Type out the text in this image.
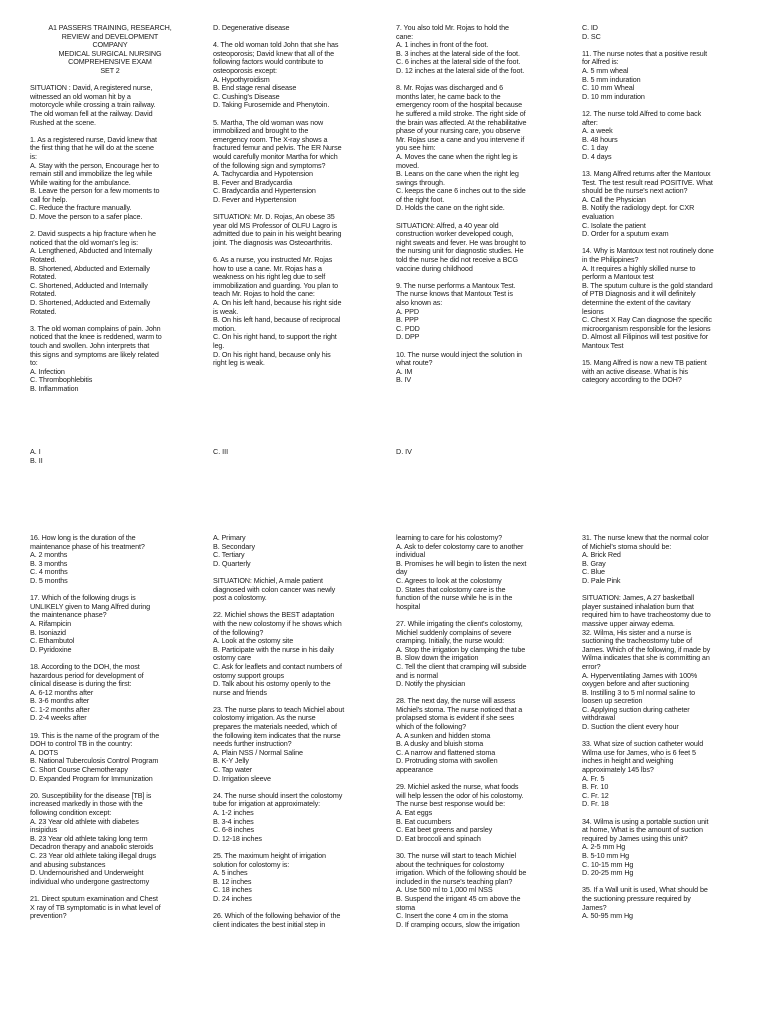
A1 PASSERS TRAINING, RESEARCH,
REVIEW and DEVELOPMENT
COMPANY
MEDICAL SURGICAL NURSING
COMPREHENSIVE EXAM
SET 2
SITUATION : David, A registered nurse,
witnessed an old woman hit by a
motorcycle while crossing a train railway.
The old woman fell at the railway. David
Rushed at the scene.
1. As a registered nurse, David knew that
the first thing that he will do at the scene
is:
A. Stay with the person, Encourage her to
remain still and immobilize the leg while
While waiting for the ambulance.
B. Leave the person for a few moments to
call for help.
C. Reduce the fracture manually.
D. Move the person to a safer place.
2. David suspects a hip fracture when he
noticed that the old woman's leg is:
A. Lengthened, Abducted and Internally
Rotated.
B. Shortened, Abducted and Externally
Rotated.
C. Shortened, Adducted and Internally
Rotated.
D. Shortened, Adducted and Externally
Rotated.
3. The old woman complains of pain. John
noticed that the knee is reddened, warm to
touch and swollen. John interprets that
this signs and symptoms are likely related
to:
A. Infection
C. Thrombophlebitis
B. Inflammation
D. Degenerative disease
4. The old woman told John that she has
osteoporosis; David knew that all of the
following factors would contribute to
osteoporosis except:
A. Hypothyroidism
B. End stage renal disease
C. Cushing's Disease
D. Taking Furosemide and Phenytoin.
5. Martha, The old woman was now
immobilized and brought to the
emergency room. The X-ray shows a
fractured femur and pelvis. The ER Nurse
would carefully monitor Martha for which
of the following sign and symptoms?
A. Tachycardia and Hypotension
B. Fever and Bradycardia
C. Bradycardia and Hypertension
D. Fever and Hypertension
SITUATION: Mr. D. Rojas, An obese 35
year old MS Professor of OLFU Lagro is
admitted due to pain in his weight bearing
joint. The diagnosis was Osteoarthritis.
6. As a nurse, you instructed Mr. Rojas
how to use a cane. Mr. Rojas has a
weakness on his right leg due to self
immobilization and guarding. You plan to
teach Mr. Rojas to hold the cane:
A. On his left hand, because his right side
is weak.
B. On his left hand, because of reciprocal
motion.
C. On his right hand, to support the right
leg.
D. On his right hand, because only his
right leg is weak.
7. You also told Mr. Rojas to hold the
cane:
A. 1 inches in front of the foot.
B. 3 inches at the lateral side of the foot.
C. 6 inches at the lateral side of the foot.
D. 12 inches at the lateral side of the foot.
8. Mr. Rojas was discharged and 6
months later, he came back to the
emergency room of the hospital because
he suffered a mild stroke. The right side of
the brain was affected. At the rehabilitative
phase of your nursing care, you observe
Mr. Rojas use a cane and you intervene if
you see him:
A. Moves the cane when the right leg is
moved.
B. Leans on the cane when the right leg
swings through.
C. keeps the cane 6 inches out to the side
of the right foot.
D. Holds the cane on the right side.
SITUATION: Alfred, a 40 year old
construction worker developed cough,
night sweats and fever. He was brought to
the nursing unit for diagnostic studies. He
told the nurse he did not receive a BCG
vaccine during childhood
9. The nurse performs a Mantoux Test.
The nurse knows that Mantoux Test is
also known as:
A. PPD
B. PPP
C. PDD
D. DPP
10. The nurse would inject the solution in
what route?
A. IM
B. IV
C. ID
D. SC
11. The nurse notes that a positive result
for Alfred is:
A. 5 mm wheal
B. 5 mm induration
C. 10 mm Wheal
D. 10 mm induration
12. The nurse told Alfred to come back
after:
A. a week
B. 48 hours
C. 1 day
D. 4 days
13. Mang Alfred returns after the Mantoux
Test. The test result read POSITIVE. What
should be the nurse's next action?
A. Call the Physician
B. Notify the radiology dept. for CXR
evaluation
C. Isolate the patient
D. Order for a sputum exam
14. Why is Mantoux test not routinely done
in the Philippines?
A. It requires a highly skilled nurse to
perform a Mantoux test
B. The sputum culture is the gold standard
of PTB Diagnosis and it will definitely
determine the extent of the cavitary
lesions
C. Chest X Ray Can diagnose the specific
microorganism responsible for the lesions
D. Almost all Filipinos will test positive for
Mantoux Test
15. Mang Alfred is now a new TB patient
with an active disease. What is his
category according to the DOH?
A. I
B. II
C. III	D. IV
16. How long is the duration of the
maintenance phase of his treatment?
A. 2 months
B. 3 months
C. 4 months
D. 5 months
17. Which of the following drugs is
UNLIKELY given to Mang Alfred during
the maintenance phase?
A. Rifampicin
B. Isoniazid
C. Ethambutol
D. Pyridoxine
18. According to the DOH, the most
hazardous period for development of
clinical disease is during the first:
A. 6-12 months after
B. 3-6 months after
C. 1-2 months after
D. 2-4 weeks after
19. This is the name of the program of the
DOH to control TB in the country:
A. DOTS
B. National Tuberculosis Control Program
C. Short Course Chemotherapy
D. Expanded Program for Immunization
20. Susceptibility for the disease [TB] is
increased markedly in those with the
following condition except:
A. 23 Year old athlete with diabetes
insipidus
B. 23 Year old athlete taking long term
Decadron therapy and anabolic steroids
C. 23 Year old athlete taking illegal drugs
and abusing substances
D. Undernourished and Underweight
individual who undergone gastrectomy
21. Direct sputum examination and Chest
X ray of TB symptomatic is in what level of
prevention?
A. Primary
B. Secondary
C. Tertiary
D. Quarterly
SITUATION: Michiel, A male patient
diagnosed with colon cancer was newly
post a colostomy.
22. Michiel shows the BEST adaptation
with the new colostomy if he shows which
of the following?
A. Look at the ostomy site
B. Participate with the nurse in his daily
ostomy care
C. Ask for leaflets and contact numbers of
ostomy support groups
D. Talk about his ostomy openly to the
nurse and friends
23. The nurse plans to teach Michiel about
colostomy irrigation. As the nurse
prepares the materials needed, which of
the following item indicates that the nurse
needs further instruction?
A. Plain NSS / Normal Saline
B. K-Y Jelly
C. Tap water
D. Irrigation sleeve
24. The nurse should insert the colostomy
tube for irrigation at approximately:
A. 1-2 inches
B. 3-4 inches
C. 6-8 inches
D. 12-18 inches
25. The maximum height of irrigation
solution for colostomy is:
A. 5 inches
B. 12 inches
C. 18 inches
D. 24 inches
26. Which of the following behavior of the
client indicates the best initial step in
learning to care for his colostomy?
A. Ask to defer colostomy care to another
individual
B. Promises he will begin to listen the next
day
C. Agrees to look at the colostomy
D. States that colostomy care is the
function of the nurse while he is in the
hospital
27. While irrigating the client's colostomy,
Michiel suddenly complains of severe
cramping. Initially, the nurse would:
A. Stop the irrigation by clamping the tube
B. Slow down the irrigation
C. Tell the client that cramping will subside
and is normal
D. Notify the physician
28. The next day, the nurse will assess
Michiel's stoma. The nurse noticed that a
prolapsed stoma is evident if she sees
which of the following?
A. A sunken and hidden stoma
B. A dusky and bluish stoma
C. A narrow and flattened stoma
D. Protruding stoma with swollen
appearance
29. Michiel asked the nurse, what foods
will help lessen the odor of his colostomy.
The nurse best response would be:
A. Eat eggs
B. Eat cucumbers
C. Eat beet greens and parsley
D. Eat broccoli and spinach
30. The nurse will start to teach Michiel
about the techniques for colostomy
irrigation. Which of the following should be
included in the nurse's teaching plan?
A. Use 500 ml to 1,000 ml NSS
B. Suspend the irrigant 45 cm above the
stoma
C. Insert the cone 4 cm in the stoma
D. If cramping occurs, slow the irrigation
31. The nurse knew that the normal color
of Michiel's stoma should be:
A. Brick Red
B. Gray
C. Blue
D. Pale Pink
SITUATION: James, A 27 basketball
player sustained inhalation burn that
required him to have tracheostomy due to
massive upper airway edema.
32. Wilma, His sister and a nurse is
suctioning the tracheostomy tube of
James. Which of the following, if made by
Wilma indicates that she is committing an
error?
A. Hyperventilating James with 100%
oxygen before and after suctioning
B. Instilling 3 to 5 ml normal saline to
loosen up secretion
C. Applying suction during catheter
withdrawal
D. Suction the client every hour
33. What size of suction catheter would
Wilma use for James, who is 6 feet 5
inches in height and weighing
approximately 145 lbs?
A. Fr. 5
B. Fr. 10
C. Fr. 12
D. Fr. 18
34. Wilma is using a portable suction unit
at home, What is the amount of suction
required by James using this unit?
A. 2-5 mm Hg
B. 5-10 mm Hg
C. 10-15 mm Hg
D. 20-25 mm Hg
35. If a Wall unit is used, What should be
the suctioning pressure required by
James?
A. 50-95 mm Hg
